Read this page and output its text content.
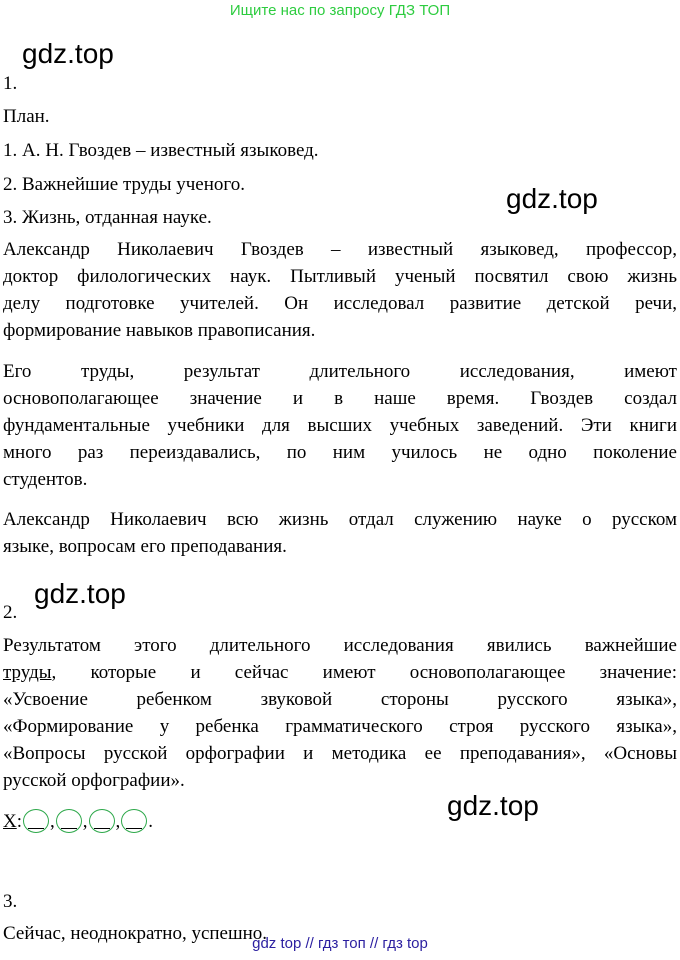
Ищите нас по запросу ГДЗ ТОП
gdz.top
gdz.top
gdz.top
gdz.top
1.
План.
1. А. Н. Гвоздев – известный языковед.
2. Важнейшие труды ученого.
3. Жизнь, отданная науке.
Александр Николаевич Гвоздев – известный языковед, профессор,
доктор филологических наук. Пытливый ученый посвятил свою жизнь
делу подготовке учителей. Он исследовал развитие детской речи,
формирование навыков правописания.
Его труды, результат длительного исследования, имеют
основополагающее значение и в наше время. Гвоздев создал
фундаментальные учебники для высших учебных заведений. Эти книги
много раз переиздавались, по ним училось не одно поколение
студентов.
Александр Николаевич всю жизнь отдал служению науке о русском
языке, вопросам его преподавания.
2.
Результатом этого длительного исследования явились важнейшие
труды, которые и сейчас имеют основополагающее значение:
«Усвоение ребенком звуковой стороны русского языка»,
«Формирование у ребенка грамматического строя русского языка»,
«Вопросы русской орфографии и методика ее преподавания», «Основы
русской орфографии».
Х: , , , .
3.
Сейчас, неоднократно, успешно.
gdz top // гдз топ // гдз top
